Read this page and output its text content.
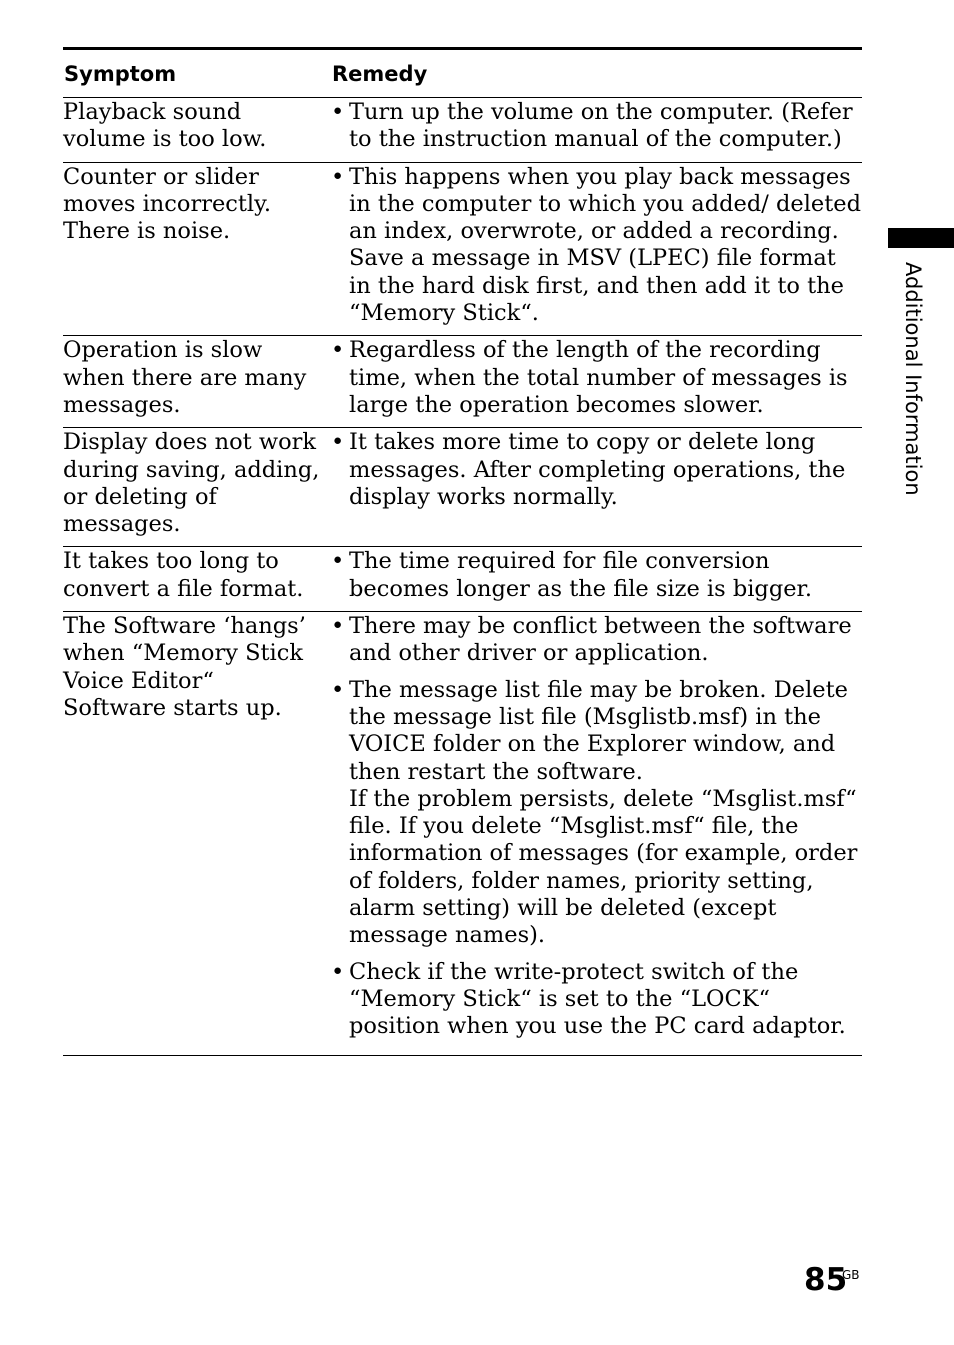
Symptom	Remedy
Playback sound volume is too low.
• Turn up the volume on the computer. (Refer to the instruction manual of the computer.)
Counter or slider moves incorrectly. There is noise.
• This happens when you play back messages in the computer to which you added/ deleted an index, overwrote, or added a recording. Save a message in MSV (LPEC) file format in the hard disk first, and then add it to the “Memory Stick“.
Operation is slow when there are many messages.
• Regardless of the length of the recording time, when the total number of messages is large the operation becomes slower.
Display does not work during saving, adding, or deleting of messages.
• It takes more time to copy or delete long messages. After completing operations, the display works normally.
It takes too long to convert a file format.
• The time required for file conversion becomes longer as the file size is bigger.
The Software ‘hangs’ when “Memory Stick Voice Editor“ Software starts up.
• There may be conflict between the software and other driver or application.
• The message list file may be broken. Delete the message list file (Msglistb.msf) in the VOICE folder on the Explorer window, and then restart the software.
If the problem persists, delete “Msglist.msf“ file. If you delete “Msglist.msf“ file, the information of messages (for example, order of folders, folder names, priority setting, alarm setting) will be deleted (except message names).
• Check if the write-protect switch of the “Memory Stick“ is set to the “LOCK“ position when you use the PC card adaptor.
Additional Information
85
GB
